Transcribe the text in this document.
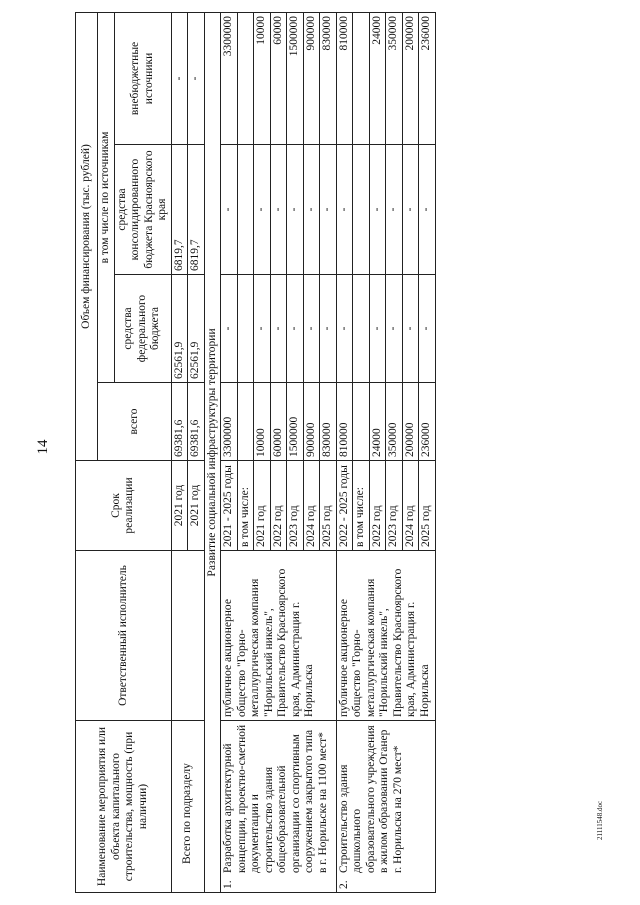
14
21111548.doc
Наименование мероприятия или объекта капитального строительства, мощность (при наличии)	Ответственный исполнитель	Срок реализации	Объем финансирования (тыс. рублей)			
			всего	в том числе по источникам		
				средства федерального бюджета	средства консолидированного бюджета Красноярского края	внебюджетные источники
Всего по подразделу		2021 год	69381,6	62561,9	6819,7	-
		2021 год	69381,6	62561,9	6819,7	-
Развитие социальной инфраструктуры территории						

1.
Разработка архитектурной концепции, проектно-сметной документации и строительство здания общеобразовательной организации со спортивным сооружением закрытого типа в г. Норильске на 1100 мест*	публичное акционерное общество "Горно-металлургическая компания "Норильский никель", Правительство Красноярского края, Администрация г. Норильска	2021 - 2025 годы	3300000	-	-	3300000
		в том числе:				
		2021 год	10000	-	-	10000
		2022 год	60000	-	-	60000
		2023 год	1500000	-	-	1500000
		2024 год	900000	-	-	900000
		2025 год	830000	-	-	830000

2.
Строительство здания дошкольного образовательного учреждения в жилом образовании Оганер г. Норильска на 270 мест*	публичное акционерное общество "Горно-металлургическая компания "Норильский никель", Правительство Красноярского края, Администрация г. Норильска	2022 - 2025 годы	810000	-	-	810000
		в том числе:				
		2022 год	24000	-	-	24000
		2023 год	350000	-	-	350000
		2024 год	200000	-	-	200000
		2025 год	236000	-	-	236000
